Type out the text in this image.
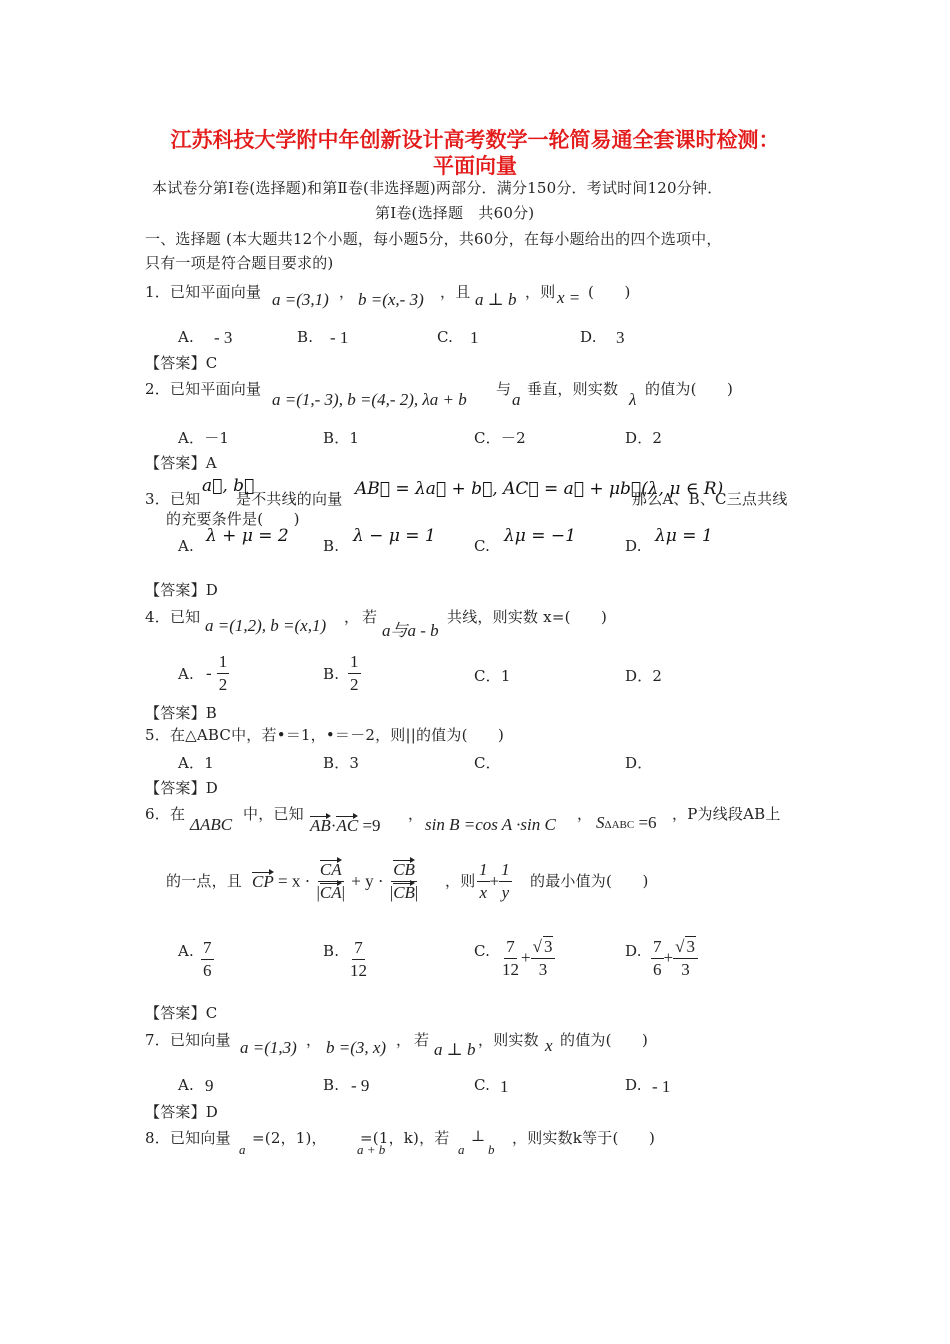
江苏科技大学附中年创新设计高考数学一轮简易通全套课时检测：
平面向量
本试卷分第Ⅰ卷(选择题)和第Ⅱ卷(非选择题)两部分．满分150分．考试时间120分钟．
第Ⅰ卷(选择题　共60分)
一、选择题 (本大题共12个小题，每小题5分，共60分，在每小题给出的四个选项中，
只有一项是符合题目要求的)
1．已知平面向量 a =(3,1) ， b =(x,- 3) ，且 a ⊥ b ，则 x = (　　)
A. - 3	B. - 1	C. 1	D. 3
【答案】C
2．已知平面向量
a =(1,- 3), b =(4,- 2), λa + b
与
a
垂直，则实数
λ
的值为(　　)
A．－1	B．1	C．－2	D．2
【答案】A
3．已知
a⃗, b⃗
是不共线的向量 AB⃗ = λa⃗ + b⃗, AC⃗ = a⃗ + μb⃗(λ, μ ∈ R)
那么A、B、C三点共线
的充要条件是(　　)
A. λ + μ = 2 B. λ − μ = 1	C. λμ = −1	D. λμ = 1
【答案】D
4．已知 a =(1,2), b =(x,1) ， 若
a与a - b
共线，则实数 x=(　　)
A. - $\frac{1}{2}$	B. $\frac{1}{2}$	C．1	D．2
【答案】B
5．在△ABC中，若•＝1，•＝－2，则||的值为(　　)
A．1	B．3	C．	D．
【答案】D
6．在
ΔABC
中，已知
AB·AC =9
，
sin B =cos A ·sin C
， SΔABC =6 ，P为线段AB上
的一点，且 CP = $x \cdot \frac{CA}{|CA|} + y \cdot \frac{CB}{|CB|}$ ，则 $\frac{1}{x} + \frac{1}{y}$ 的最小值为(　　)
A. $\frac{7}{6}$	B. $\frac{7}{12}$	C. $\frac{7}{12} + \frac{√ 3}{3}$	D. $\frac{7}{6} + \frac{√ 3}{3}$
【答案】C
7．已知向量 a =(1,3) ， b =(3, x) ， 若 a ⊥ b ，则实数 x 的值为(　　)
A. 9	B. - 9	C. 1	D. - 1
【答案】D
8．已知向量
a
=(2，1)，
a + b
=(1，k)，若
a b
⊥ ，则实数k等于(　　)
